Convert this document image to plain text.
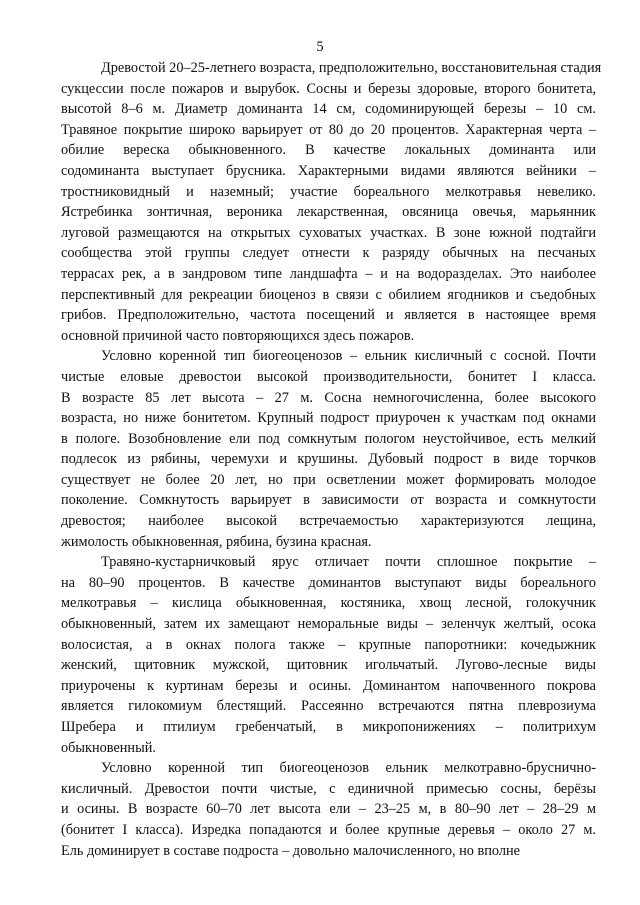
5
Древостой 20–25-летнего возраста, предположительно, восстановительная стадия
сукцессии после пожаров и вырубок. Сосны и березы здоровые, второго бонитета,
высотой 8–6 м. Диаметр доминанта 14 см, содоминирующей березы – 10 см.
Травяное покрытие широко варьирует от 80 до 20 процентов. Характерная черта –
обилие вереска обыкновенного. В качестве локальных доминанта или
содоминанта выступает брусника. Характерными видами являются вейники –
тростниковидный и наземный; участие бореального мелкотравья невелико.
Ястребинка зонтичная, вероника лекарственная, овсяница овечья, марьянник
луговой размещаются на открытых суховатых участках. В зоне южной подтайги
сообщества этой группы следует отнести к разряду обычных на песчаных
террасах рек, а в зандровом типе ландшафта – и на водоразделах. Это наиболее
перспективный для рекреации биоценоз в связи с обилием ягодников и съедобных
грибов. Предположительно, частота посещений и является в настоящее время
основной причиной часто повторяющихся здесь пожаров.
Условно коренной тип биогеоценозов – ельник кисличный с сосной. Почти
чистые еловые древостои высокой производительности, бонитет I класса.
В возрасте 85 лет высота – 27 м. Сосна немногочисленна, более высокого
возраста, но ниже бонитетом. Крупный подрост приурочен к участкам под окнами
в пологе. Возобновление ели под сомкнутым пологом неустойчивое, есть мелкий
подлесок из рябины, черемухи и крушины. Дубовый подрост в виде торчков
существует не более 20 лет, но при осветлении может формировать молодое
поколение. Сомкнутость варьирует в зависимости от возраста и сомкнутости
древостоя; наиболее высокой встречаемостью характеризуются лещина,
жимолость обыкновенная, рябина, бузина красная.
Травяно-кустарничковый ярус отличает почти сплошное покрытие –
на 80–90 процентов. В качестве доминантов выступают виды бореального
мелкотравья – кислица обыкновенная, костяника, хвощ лесной, голокучник
обыкновенный, затем их замещают неморальные виды – зеленчук желтый, осока
волосистая, а в окнах полога также – крупные папоротники: кочедыжник
женский, щитовник мужской, щитовник игольчатый. Лугово-лесные виды
приурочены к куртинам березы и осины. Доминантом напочвенного покрова
является гилокомиум блестящий. Рассеянно встречаются пятна плеврозиума
Шребера и птилиум гребенчатый, в микропонижениях – политрихум
обыкновенный.
Условно коренной тип биогеоценозов ельник мелкотравно-бруснично-
кисличный. Древостои почти чистые, с единичной примесью сосны, берёзы
и осины. В возрасте 60–70 лет высота ели – 23–25 м, в 80–90 лет – 28–29 м
(бонитет I класса). Изредка попадаются и более крупные деревья – около 27 м.
Ель доминирует в составе подроста – довольно малочисленного, но вполне
